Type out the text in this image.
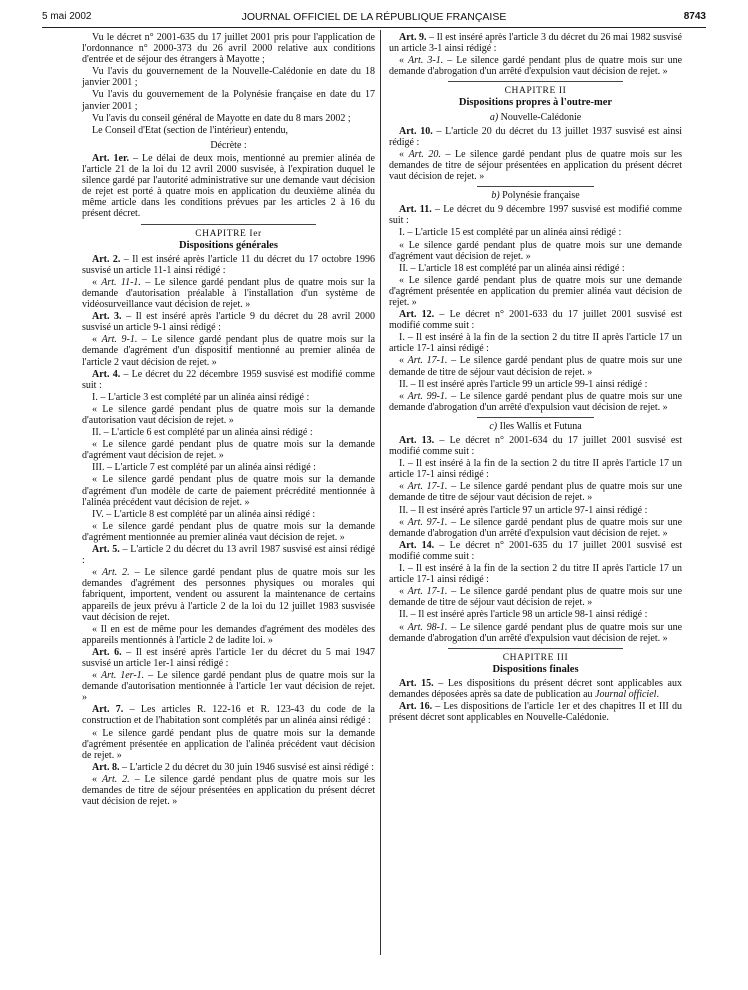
5 mai 2002	JOURNAL OFFICIEL DE LA RÉPUBLIQUE FRANÇAISE	8743

Vu le décret n° 2001-635 du 17 juillet 2001 pris pour l'application de l'ordonnance n° 2000-373 du 26 avril 2000 relative aux conditions d'entrée et de séjour des étrangers à Mayotte ;

Vu l'avis du gouvernement de la Nouvelle-Calédonie en date du 18 janvier 2001 ;

Vu l'avis du gouvernement de la Polynésie française en date du 17 janvier 2001 ;

Vu l'avis du conseil général de Mayotte en date du 8 mars 2002 ;

Le Conseil d'Etat (section de l'intérieur) entendu,

Décrète :

Art. 1er. – Le délai de deux mois, mentionné au premier alinéa de l'article 21 de la loi du 12 avril 2000 susvisée, à l'expiration duquel le silence gardé par l'autorité administrative sur une demande vaut décision de rejet est porté à quatre mois en application du deuxième alinéa du même article dans les conditions prévues par les articles 2 à 16 du présent décret.

CHAPITRE Ier
Dispositions générales

Art. 2. – Il est inséré après l'article 11 du décret du 17 octobre 1996 susvisé un article 11-1 ainsi rédigé :

« Art. 11-1. – Le silence gardé pendant plus de quatre mois sur la demande d'autorisation préalable à l'installation d'un système de vidéosurveillance vaut décision de rejet. »

Art. 3. – Il est inséré après l'article 9 du décret du 28 avril 2000 susvisé un article 9-1 ainsi rédigé :

« Art. 9-1. – Le silence gardé pendant plus de quatre mois sur la demande d'agrément d'un dispositif mentionné au premier alinéa de l'article 2 vaut décision de rejet. »

Art. 4. – Le décret du 22 décembre 1959 susvisé est modifié comme suit :

I. – L'article 3 est complété par un alinéa ainsi rédigé :

« Le silence gardé pendant plus de quatre mois sur la demande d'autorisation vaut décision de rejet. »

II. – L'article 6 est complété par un alinéa ainsi rédigé :

« Le silence gardé pendant plus de quatre mois sur la demande d'agrément vaut décision de rejet. »

III. – L'article 7 est complété par un alinéa ainsi rédigé :

« Le silence gardé pendant plus de quatre mois sur la demande d'agrément d'un modèle de carte de paiement précrédité mentionnée à l'alinéa précédent vaut décision de rejet. »

IV. – L'article 8 est complété par un alinéa ainsi rédigé :

« Le silence gardé pendant plus de quatre mois sur la demande d'agrément mentionnée au premier alinéa vaut décision de rejet. »

Art. 5. – L'article 2 du décret du 13 avril 1987 susvisé est ainsi rédigé :

« Art. 2. – Le silence gardé pendant plus de quatre mois sur les demandes d'agrément des personnes physiques ou morales qui fabriquent, importent, vendent ou assurent la maintenance de certains appareils de jeux prévu à l'article 2 de la loi du 12 juillet 1983 susvisée vaut décision de rejet.

« Il en est de même pour les demandes d'agrément des modèles des appareils mentionnés à l'article 2 de ladite loi. »

Art. 6. – Il est inséré après l'article 1er du décret du 5 mai 1947 susvisé un article 1er-1 ainsi rédigé :

« Art. 1er-1. – Le silence gardé pendant plus de quatre mois sur la demande d'autorisation mentionnée à l'article 1er vaut décision de rejet. »

Art. 7. – Les articles R. 122-16 et R. 123-43 du code de la construction et de l'habitation sont complétés par un alinéa ainsi rédigé :

« Le silence gardé pendant plus de quatre mois sur la demande d'agrément présentée en application de l'alinéa précédent vaut décision de rejet. »

Art. 8. – L'article 2 du décret du 30 juin 1946 susvisé est ainsi rédigé :

« Art. 2. – Le silence gardé pendant plus de quatre mois sur les demandes de titre de séjour présentées en application du présent décret vaut décision de rejet. »

Art. 9. – Il est inséré après l'article 3 du décret du 26 mai 1982 susvisé un article 3-1 ainsi rédigé :

« Art. 3-1. – Le silence gardé pendant plus de quatre mois sur une demande d'abrogation d'un arrêté d'expulsion vaut décision de rejet. »

CHAPITRE II
Dispositions propres à l'outre-mer
a) Nouvelle-Calédonie

Art. 10. – L'article 20 du décret du 13 juillet 1937 susvisé est ainsi rédigé :

« Art. 20. – Le silence gardé pendant plus de quatre mois sur les demandes de titre de séjour présentées en application du présent décret vaut décision de rejet. »

b) Polynésie française

Art. 11. – Le décret du 9 décembre 1997 susvisé est modifié comme suit :

I. – L'article 15 est complété par un alinéa ainsi rédigé :

« Le silence gardé pendant plus de quatre mois sur une demande d'agrément vaut décision de rejet. »

II. – L'article 18 est complété par un alinéa ainsi rédigé :

« Le silence gardé pendant plus de quatre mois sur une demande d'agrément présentée en application du premier alinéa vaut décision de rejet. »

Art. 12. – Le décret n° 2001-633 du 17 juillet 2001 susvisé est modifié comme suit :

I. – Il est inséré à la fin de la section 2 du titre II après l'article 17 un article 17-1 ainsi rédigé :

« Art. 17-1. – Le silence gardé pendant plus de quatre mois sur une demande de titre de séjour vaut décision de rejet. »

II. – Il est inséré après l'article 99 un article 99-1 ainsi rédigé :

« Art. 99-1. – Le silence gardé pendant plus de quatre mois sur une demande d'abrogation d'un arrêté d'expulsion vaut décision de rejet. »

c) Iles Wallis et Futuna

Art. 13. – Le décret n° 2001-634 du 17 juillet 2001 susvisé est modifié comme suit :

I. – Il est inséré à la fin de la section 2 du titre II après l'article 17 un article 17-1 ainsi rédigé :

« Art. 17-1. – Le silence gardé pendant plus de quatre mois sur une demande de titre de séjour vaut décision de rejet. »

II. – Il est inséré après l'article 97 un article 97-1 ainsi rédigé :

« Art. 97-1. – Le silence gardé pendant plus de quatre mois sur une demande d'abrogation d'un arrêté d'expulsion vaut décision de rejet. »

Art. 14. – Le décret n° 2001-635 du 17 juillet 2001 susvisé est modifié comme suit :

I. – Il est inséré à la fin de la section 2 du titre II après l'article 17 un article 17-1 ainsi rédigé :

« Art. 17-1. – Le silence gardé pendant plus de quatre mois sur une demande de titre de séjour vaut décision de rejet. »

II. – Il est inséré après l'article 98 un article 98-1 ainsi rédigé :

« Art. 98-1. – Le silence gardé pendant plus de quatre mois sur une demande d'abrogation d'un arrêté d'expulsion vaut décision de rejet. »

CHAPITRE III
Dispositions finales

Art. 15. – Les dispositions du présent décret sont applicables aux demandes déposées après sa date de publication au Journal officiel.

Art. 16. – Les dispositions de l'article 1er et des chapitres II et III du présent décret sont applicables en Nouvelle-Calédonie.
